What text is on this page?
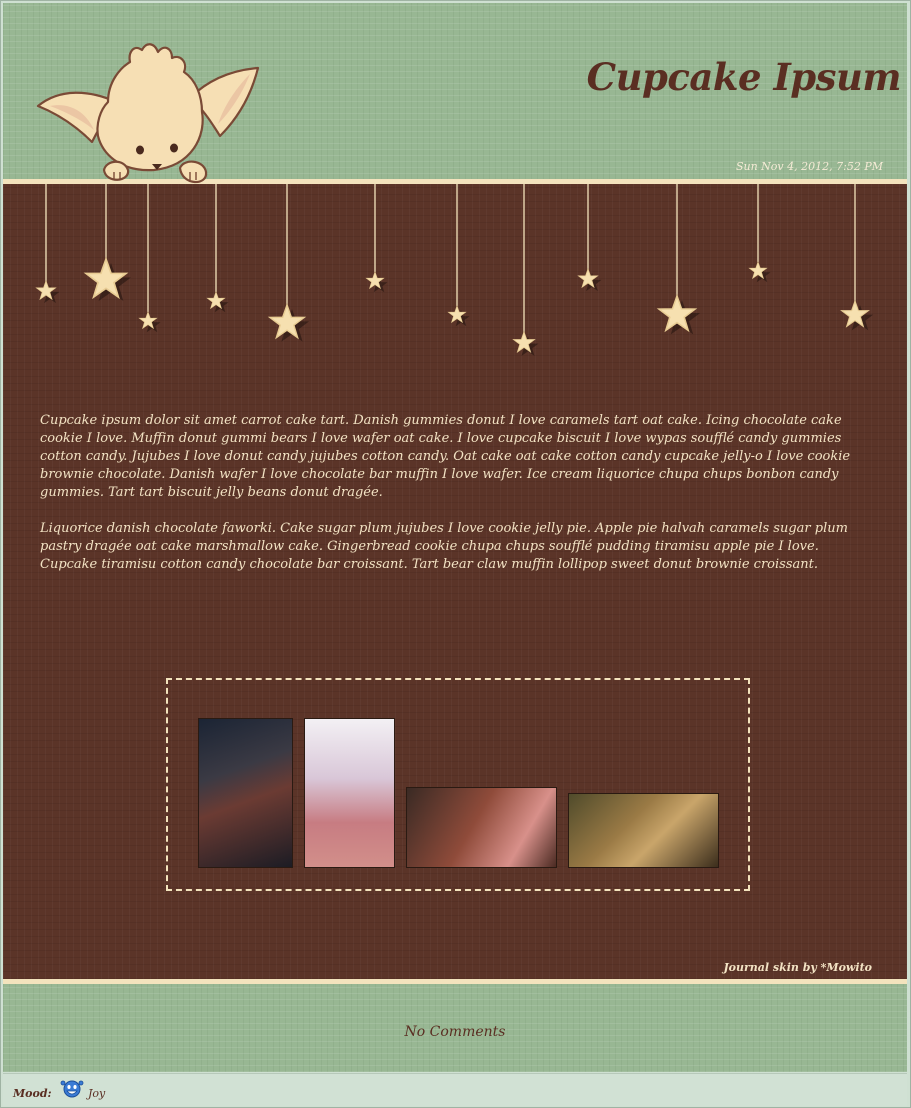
Cupcake Ipsum
Sun Nov 4, 2012, 7:52 PM

Cupcake ipsum dolor sit amet carrot cake tart. Danish gummies donut I love caramels tart oat cake. Icing chocolate cake cookie I love. Muffin donut gummi bears I love wafer oat cake. I love cupcake biscuit I love wypas soufflé candy gummies cotton candy. Jujubes I love donut candy jujubes cotton candy. Oat cake oat cake cotton candy cupcake jelly-o I love cookie brownie chocolate. Danish wafer I love chocolate bar muffin I love wafer. Ice cream liquorice chupa chups bonbon candy gummies. Tart tart biscuit jelly beans donut dragée.

Liquorice danish chocolate faworki. Cake sugar plum jujubes I love cookie jelly pie. Apple pie halvah caramels sugar plum pastry dragée oat cake marshmallow cake. Gingerbread cookie chupa chups soufflé pudding tiramisu apple pie I love. Cupcake tiramisu cotton candy chocolate bar croissant. Tart bear claw muffin lollipop sweet donut brownie croissant.

Journal skin by *Mowito
No Comments
Mood:	Joy
